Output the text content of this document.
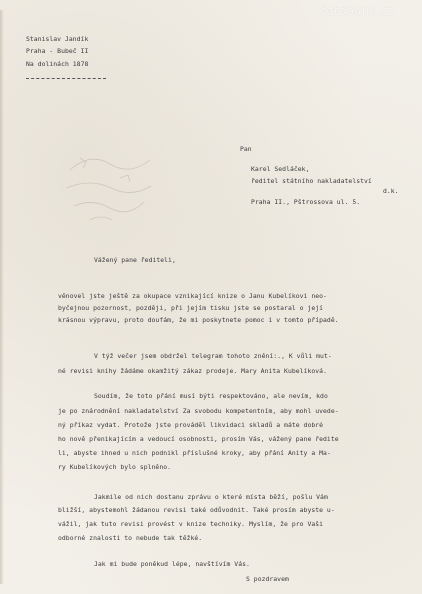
fotobank.cz
Stanislav Jandík
Praha - Bubeč II
Na dolinách 1878
Pan
Karel Sedláček,
ředitel státního nakladatelství
d.k.
Praha II., Pštrossova ul. 5.
Vážený pane řediteli,
věnovel jste ještě za okupace vznikající knize o Janu Kubelíkovi neo-
byčejnou pozornost, později, při jejím tisku jste se postaral o její
krásnou výpravu, proto doufám, že mi poskytnete pomoc i v tomto případě.
V týž večer jsem obdržel telegram tohoto znění:., K vůli mut-
né revisi knihy žádáme okamžitý zákaz prodeje. Mary Anita Kubelíková.
Soudím, že toto přání musí býti respektováno, ale nevím, kdo
je po znárodnění nakladatelství Za svobodu kompetentním, aby mohl uvede-
ný příkaz vydat. Protože jste prováděl likvidaci skladů a máte dobré
ho nově přenikajícím a vedoucí osobnosti, prosím Vás, vážený pane ředite
li, abyste ihned u nich podnikl příslušné kroky, aby přání Anity a Ma-
ry Kubelíkových bylo splněno.
Jakmile od nich dostanu zprávu o které místa běží, pošlu Vám
bližší, abystemohl žádanou revisi také odůvodnit. Také prosím abyste u-
vážil, jak tuto revisi provést v knize techniky. Myslím, že pro Vaši
odborné znalosti to nebude tak těžké.
Jak mi bude poněkud lépe, navštívím Vás.
S pozdravem
